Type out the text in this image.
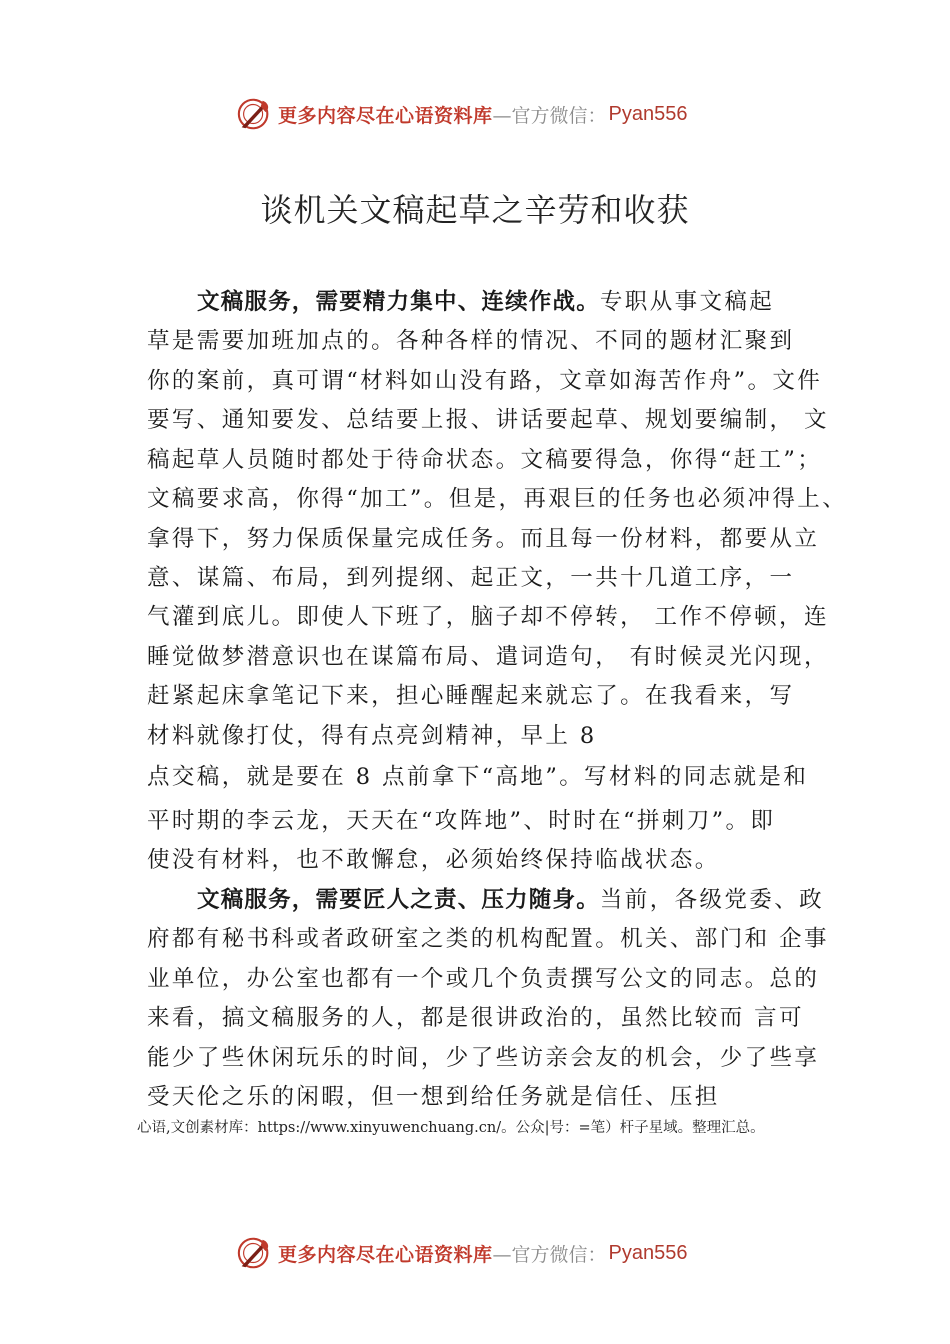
更多内容尽在心语资料库 —官方微信： Pyan556
谈机关文稿起草之辛劳和收获
文稿服务，需要精力集中、连续作战。专职从事文稿起
草是需要加班加点的。各种各样的情况、不同的题材汇聚到
你的案前，真可谓“材料如山没有路，文章如海苦作舟”。文件
要写、通知要发、总结要上报、讲话要起草、规划要编制， 文
稿起草人员随时都处于待命状态。文稿要得急，你得“赶工”；
文稿要求高，你得“加工”。但是，再艰巨的任务也必须冲得上、
拿得下，努力保质保量完成任务。而且每一份材料，都要从立
意、谋篇、布局，到列提纲、起正文，一共十几道工序，一
气灌到底儿。即使人下班了，脑子却不停转， 工作不停顿，连
睡觉做梦潜意识也在谋篇布局、遣词造句， 有时候灵光闪现，
赶紧起床拿笔记下来，担心睡醒起来就忘了。在我看来，写
材料就像打仗，得有点亮剑精神，早上 8
点交稿，就是要在 8 点前拿下“高地”。写材料的同志就是和
平时期的李云龙，天天在“攻阵地”、时时在“拼刺刀”。即
使没有材料，也不敢懈怠，必须始终保持临战状态。
文稿服务，需要匠人之责、压力随身。当前，各级党委、政
府都有秘书科或者政研室之类的机构配置。机关、部门和 企事
业单位，办公室也都有一个或几个负责撰写公文的同志。总的
来看，搞文稿服务的人，都是很讲政治的，虽然比较而 言可
能少了些休闲玩乐的时间，少了些访亲会友的机会，少了些享
受天伦之乐的闲暇，但一想到给任务就是信任、压担
心语,文创素材库：https://www.xinyuwenchuang.cn/。公众|号：=笔）杆子星域。整理汇总。
更多内容尽在心语资料库 —官方微信： Pyan556
